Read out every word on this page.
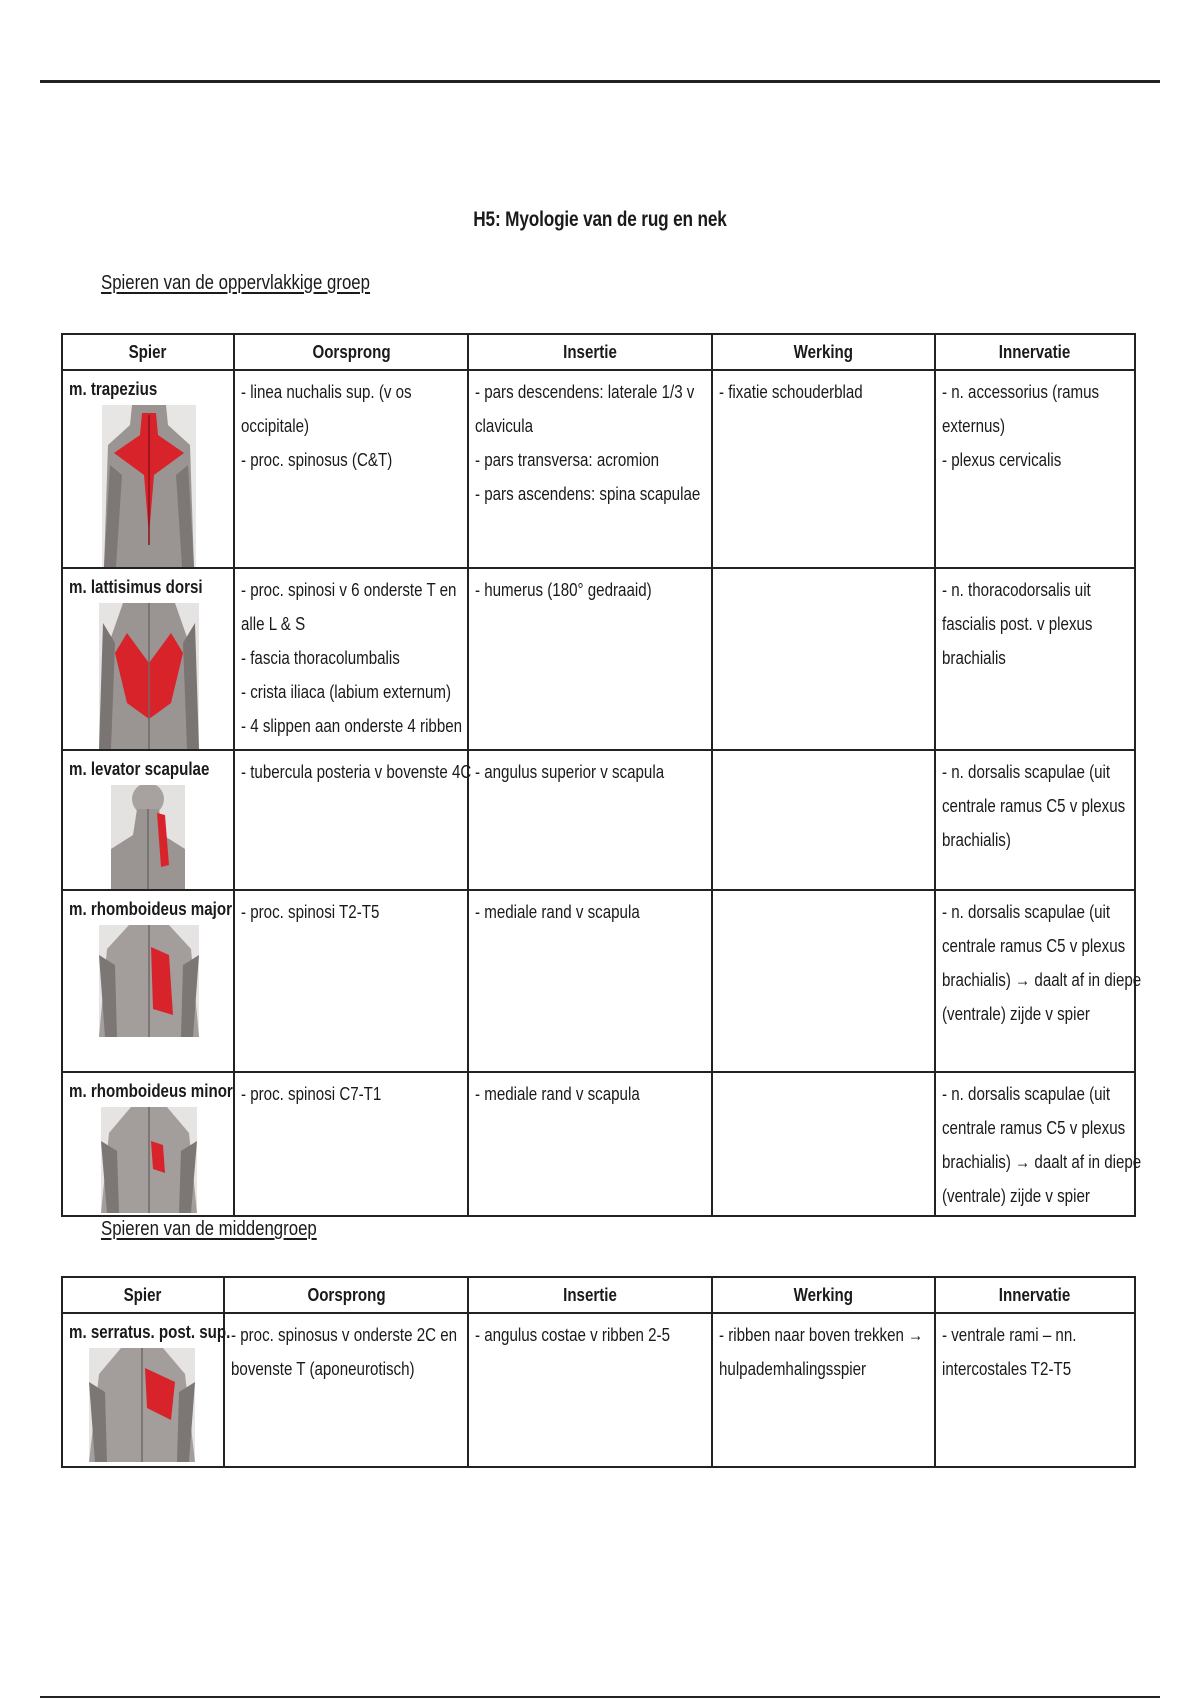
H5: Myologie van de rug en nek
Spieren van de oppervlakkige groep
Spier	Oorsprong	Insertie	Werking	Innervatie

m. trapezius	- linea nuchalis sup. (v os
occipitale)
- proc. spinosus (C&T)	- pars descendens: laterale 1/3 v
clavicula
- pars transversa: acromion
- pars ascendens: spina scapulae	- fixatie schouderblad	- n. accessorius (ramus
externus)
- plexus cervicalis

m. lattisimus dorsi	- proc. spinosi v 6 onderste T en
alle L & S
- fascia thoracolumbalis
- crista iliaca (labium externum)
- 4 slippen aan onderste 4 ribben	- humerus (180° gedraaid)		- n. thoracodorsalis uit
fascialis post. v plexus
brachialis

m. levator scapulae	- tubercula posteria v bovenste 4C	- angulus superior v scapula		- n. dorsalis scapulae (uit
centrale ramus C5 v plexus
brachialis)

m. rhomboideus major	- proc. spinosi T2-T5	- mediale rand v scapula		- n. dorsalis scapulae (uit
centrale ramus C5 v plexus
brachialis) → daalt af in diepe
(ventrale) zijde v spier

m. rhomboideus minor	- proc. spinosi C7-T1	- mediale rand v scapula		- n. dorsalis scapulae (uit
centrale ramus C5 v plexus
brachialis) → daalt af in diepe
(ventrale) zijde v spier
Spieren van de middengroep
Spier	Oorsprong	Insertie	Werking	Innervatie

m. serratus. post. sup.	- proc. spinosus v onderste 2C en
bovenste T (aponeurotisch)	- angulus costae v ribben 2-5	- ribben naar boven trekken →
hulpademhalingsspier	- ventrale rami – nn.
intercostales T2-T5
